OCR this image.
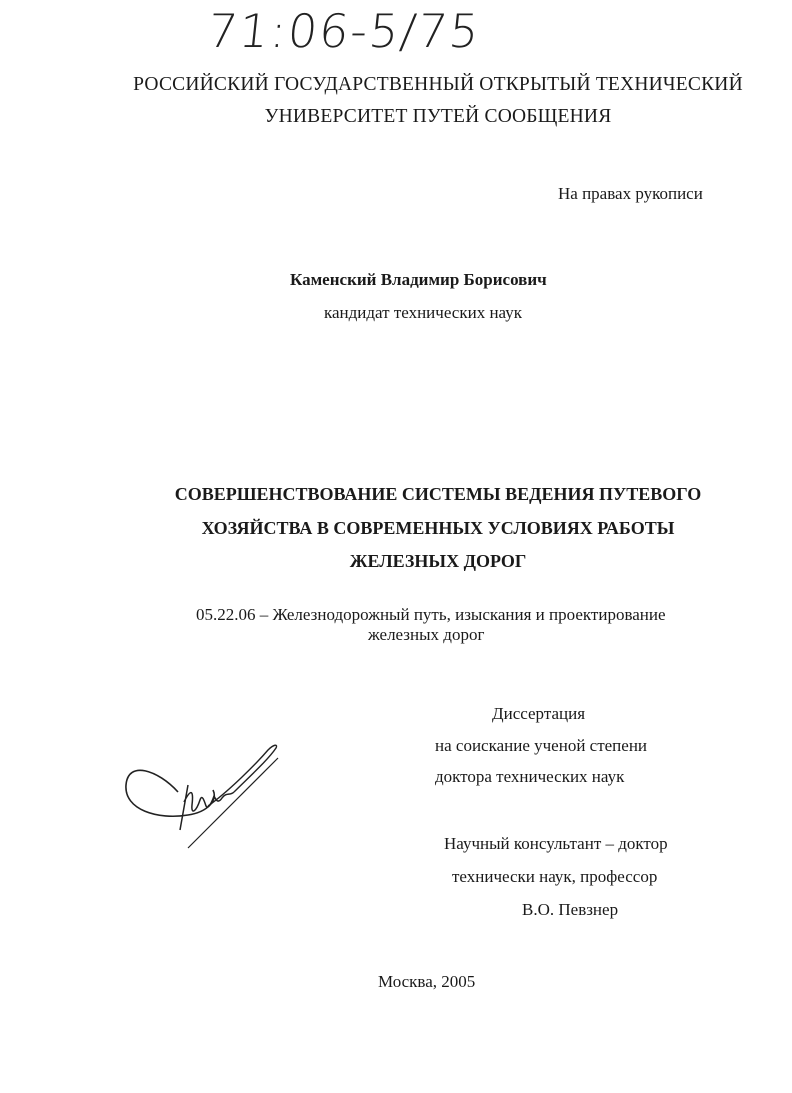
71:06-5/75
РОССИЙСКИЙ ГОСУДАРСТВЕННЫЙ ОТКРЫТЫЙ ТЕХНИЧЕСКИЙ
УНИВЕРСИТЕТ ПУТЕЙ СООБЩЕНИЯ
На правах рукописи
Каменский Владимир Борисович
кандидат технических наук
СОВЕРШЕНСТВОВАНИЕ СИСТЕМЫ ВЕДЕНИЯ ПУТЕВОГО
ХОЗЯЙСТВА В СОВРЕМЕННЫХ УСЛОВИЯХ РАБОТЫ
ЖЕЛЕЗНЫХ ДОРОГ
05.22.06 – Железнодорожный путь, изыскания и проектирование
железных дорог
Диссертация
на соискание ученой степени
доктора технических наук
Научный консультант – доктор
технически наук, профессор
В.О. Певзнер
Москва, 2005
